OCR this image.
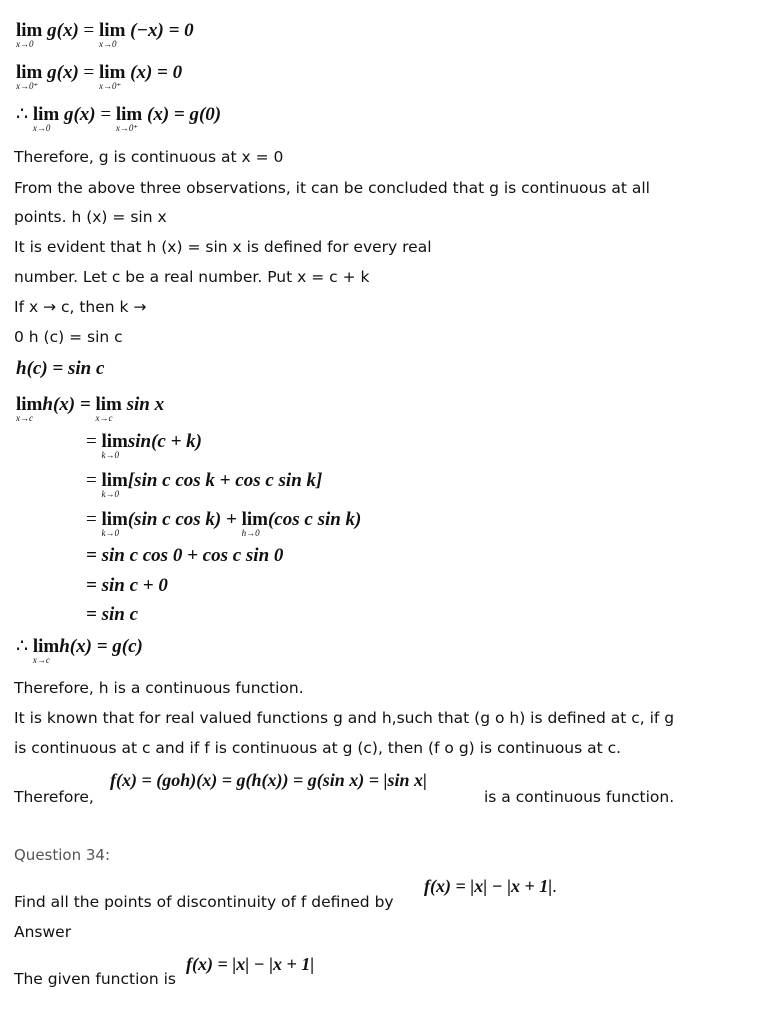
lim
x→0
g(x) = lim
x→0
(−x) = 0
lim
x→0⁺
g(x) = lim
x→0⁺
(x) = 0
∴ lim
x→0
g(x) = lim
x→0⁺
(x) = g(0)
Therefore, g is continuous at x = 0
From the above three observations, it can be concluded that g is continuous at all
points. h (x) = sin x
It is evident that h (x) = sin x is defined for every real
number. Let c be a real number. Put x = c + k
If x → c, then k →
0 h (c) = sin c
h(c) = sin c
lim
x→c
h(x) = lim
x→c
sin x
= lim
k→0
sin(c + k)
= lim
k→0
[sin c cos k + cos c sin k]
= lim
k→0
(sin c cos k) + lim
h→0
(cos c sin k)
= sin c cos 0 + cos c sin 0
= sin c + 0
= sin c
∴ lim
x→c
h(x) = g(c)
Therefore, h is a continuous function.
It is known that for real valued functions g and h,such that (g o h) is defined at c, if g
is continuous at c and if f is continuous at g (c), then (f o g) is continuous at c.
Therefore,
f(x) = (goh)(x) = g(h(x)) = g(sin x) = |sin x|
is a continuous function.
Question 34:
Find all the points of discontinuity of f defined by
f(x) = |x| − |x + 1|.
Answer
The given function is
f(x) = |x| − |x + 1|
